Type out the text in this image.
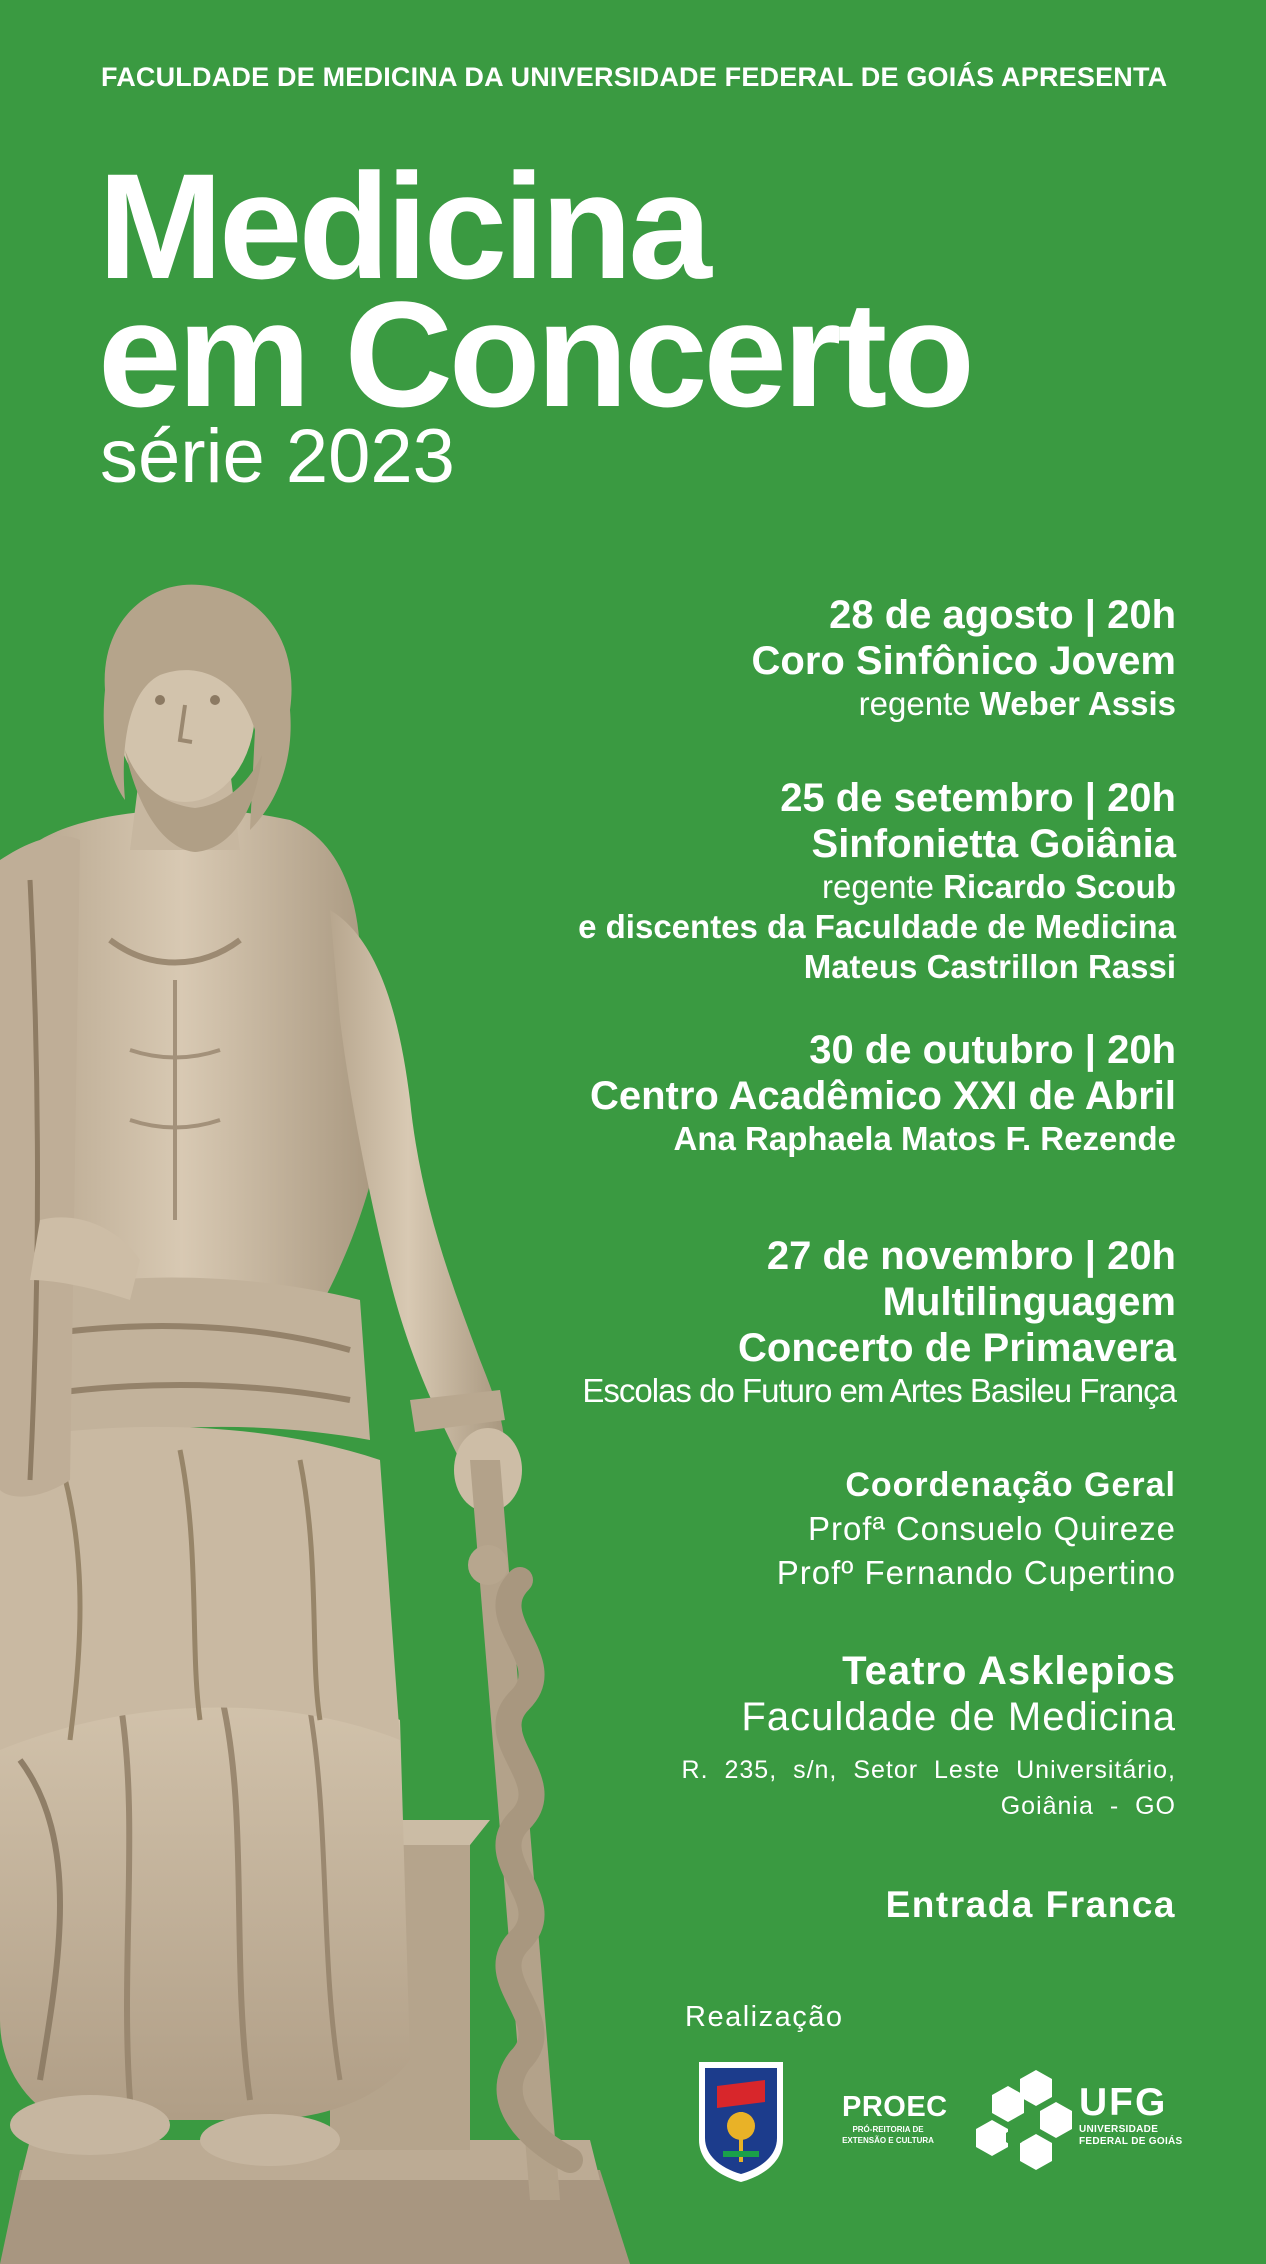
FACULDADE DE MEDICINA DA UNIVERSIDADE FEDERAL DE GOIÁS APRESENTA
Medicina
em Concerto
série 2023
28 de agosto | 20h
Coro Sinfônico Jovem
regente Weber Assis
25 de setembro | 20h
Sinfonietta Goiânia
regente Ricardo Scoub
e discentes da Faculdade de Medicina
Mateus Castrillon Rassi
30 de outubro | 20h
Centro Acadêmico XXI de Abril
Ana Raphaela Matos F. Rezende
27 de novembro | 20h
Multilinguagem
Concerto de Primavera
Escolas do Futuro em Artes Basileu França
Coordenação Geral
Profª Consuelo Quireze
Profº Fernando Cupertino
Teatro Asklepios
Faculdade de Medicina
R. 235, s/n, Setor Leste Universitário,
Goiânia - GO
Entrada Franca
Realização
PROEC
PRÓ-REITORIA DE
EXTENSÃO E CULTURA
UFG
UNIVERSIDADE
FEDERAL DE GOIÁS
